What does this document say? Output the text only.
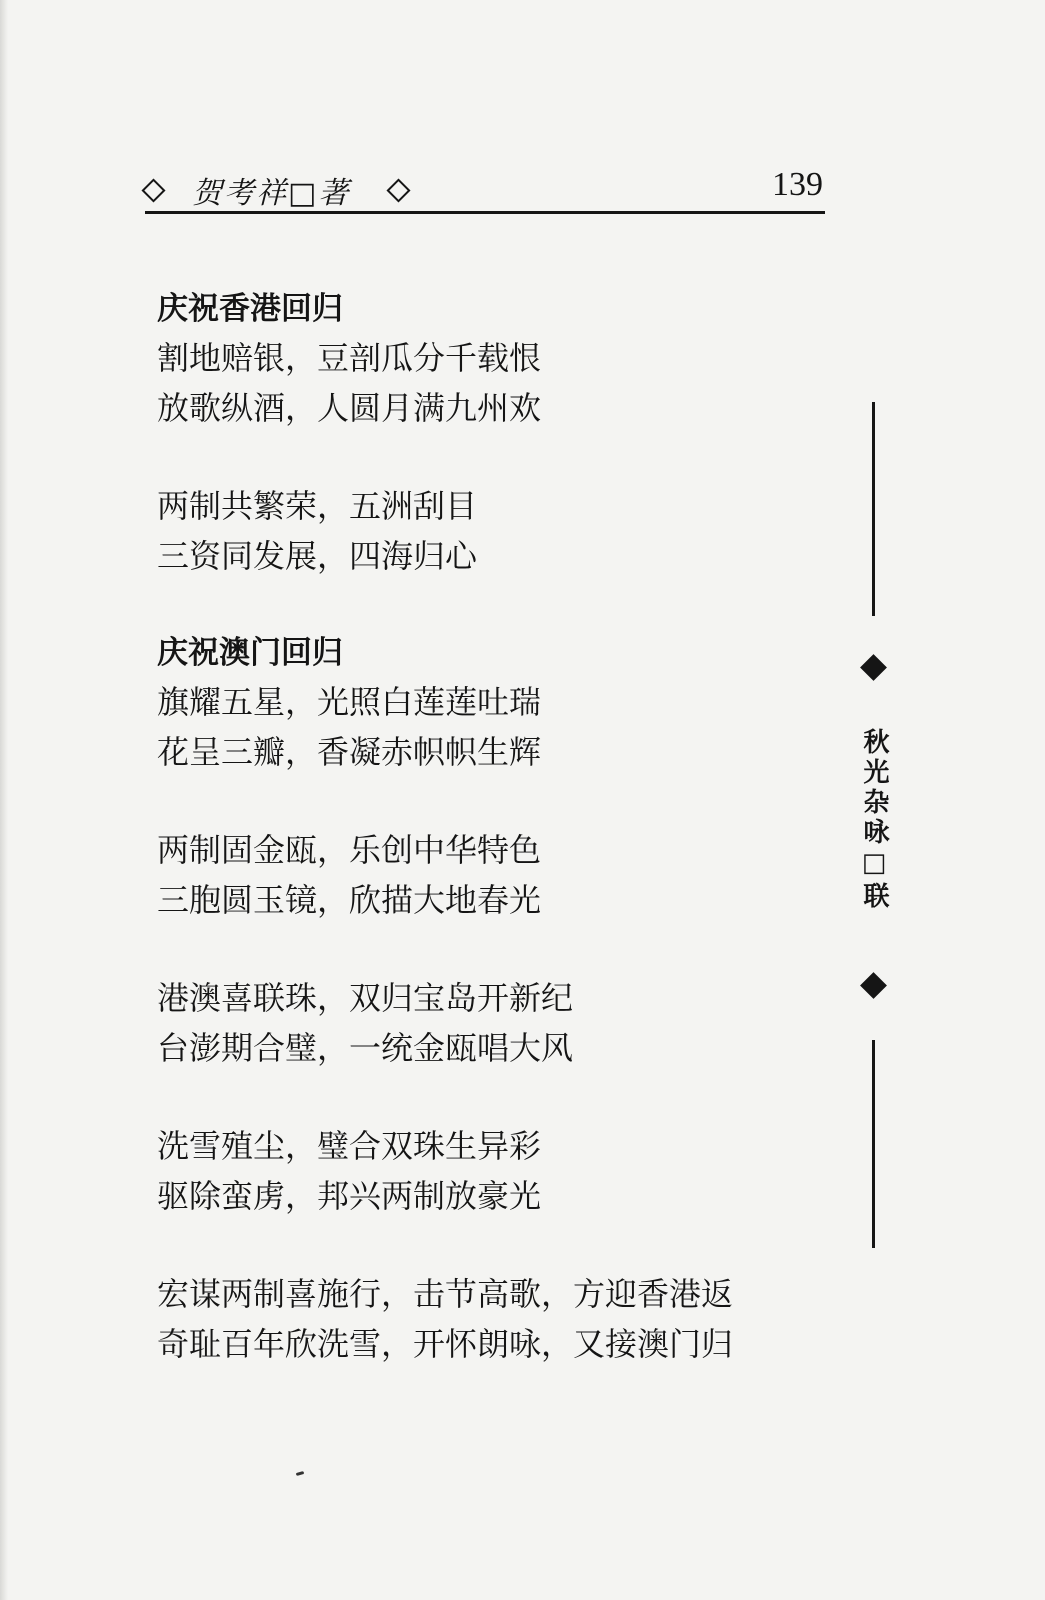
贺考祥□著	139
庆祝香港回归
割地赔银，豆剖瓜分千载恨
放歌纵酒，人圆月满九州欢
两制共繁荣，五洲刮目
三资同发展，四海归心
庆祝澳门回归
旗耀五星，光照白莲莲吐瑞
花呈三瓣，香凝赤帜帜生辉
两制固金瓯，乐创中华特色
三胞圆玉镜，欣描大地春光
港澳喜联珠，双归宝岛开新纪
台澎期合璧，一统金瓯唱大风
洗雪殖尘，璧合双珠生异彩
驱除蛮虏，邦兴两制放豪光
宏谋两制喜施行，击节高歌，方迎香港返
奇耻百年欣洗雪，开怀朗咏，又接澳门归
秋光杂咏□联
